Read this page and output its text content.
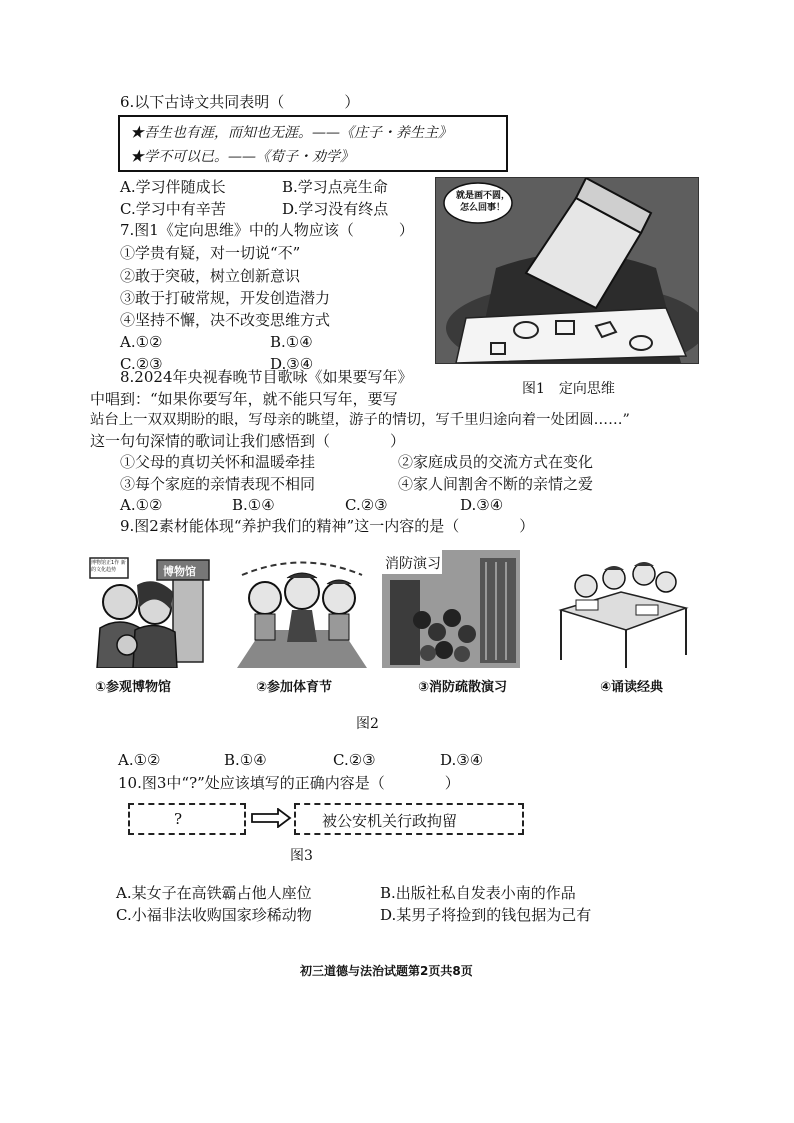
6.以下古诗文共同表明（　　　　）
★吾生也有涯，而知也无涯。——《庄子・养生主》
★学不可以已。——《荀子・劝学》
A.学习伴随成长	B.学习点亮生命
C.学习中有辛苦	D.学习没有终点
7.图1《定向思维》中的人物应该（　　　）
①学贵有疑，对一切说“不”
②敢于突破，树立创新意识
③敢于打破常规，开发创造潜力
④坚持不懈，决不改变思维方式
A.①②	B.①④
C.②③	D.③④
就是画不圆，
怎么回事！
图1　定向思维
8.2024年央视春晚节目歌咏《如果要写年》
中唱到：“如果你要写年，就不能只写年，要写
站台上一双双期盼的眼，写母亲的眺望，游子的情切，写千里归途向着一处团圆……”
这一句句深情的歌词让我们感悟到（　　　　）
①父母的真切关怀和温暖牵挂	②家庭成员的交流方式在变化
③每个家庭的亲情表现不相同	④家人间割舍不断的亲情之爱
A.①②	B.①④	C.②③	D.③④
9.图2素材能体现“养护我们的精神”这一内容的是（　　　　）
博物馆正1作 新的文化趋势	博物馆	消防演习
①参观博物馆	②参加体育节	③消防疏散演习	④诵读经典
图2
A.①②	B.①④	C.②③	D.③④
10.图3中“?”处应该填写的正确内容是（　　　　）
?	被公安机关行政拘留
图3
A.某女子在高铁霸占他人座位	B.出版社私自发表小南的作品
C.小福非法收购国家珍稀动物	D.某男子将捡到的钱包据为己有
初三道德与法治试题第2页共8页
